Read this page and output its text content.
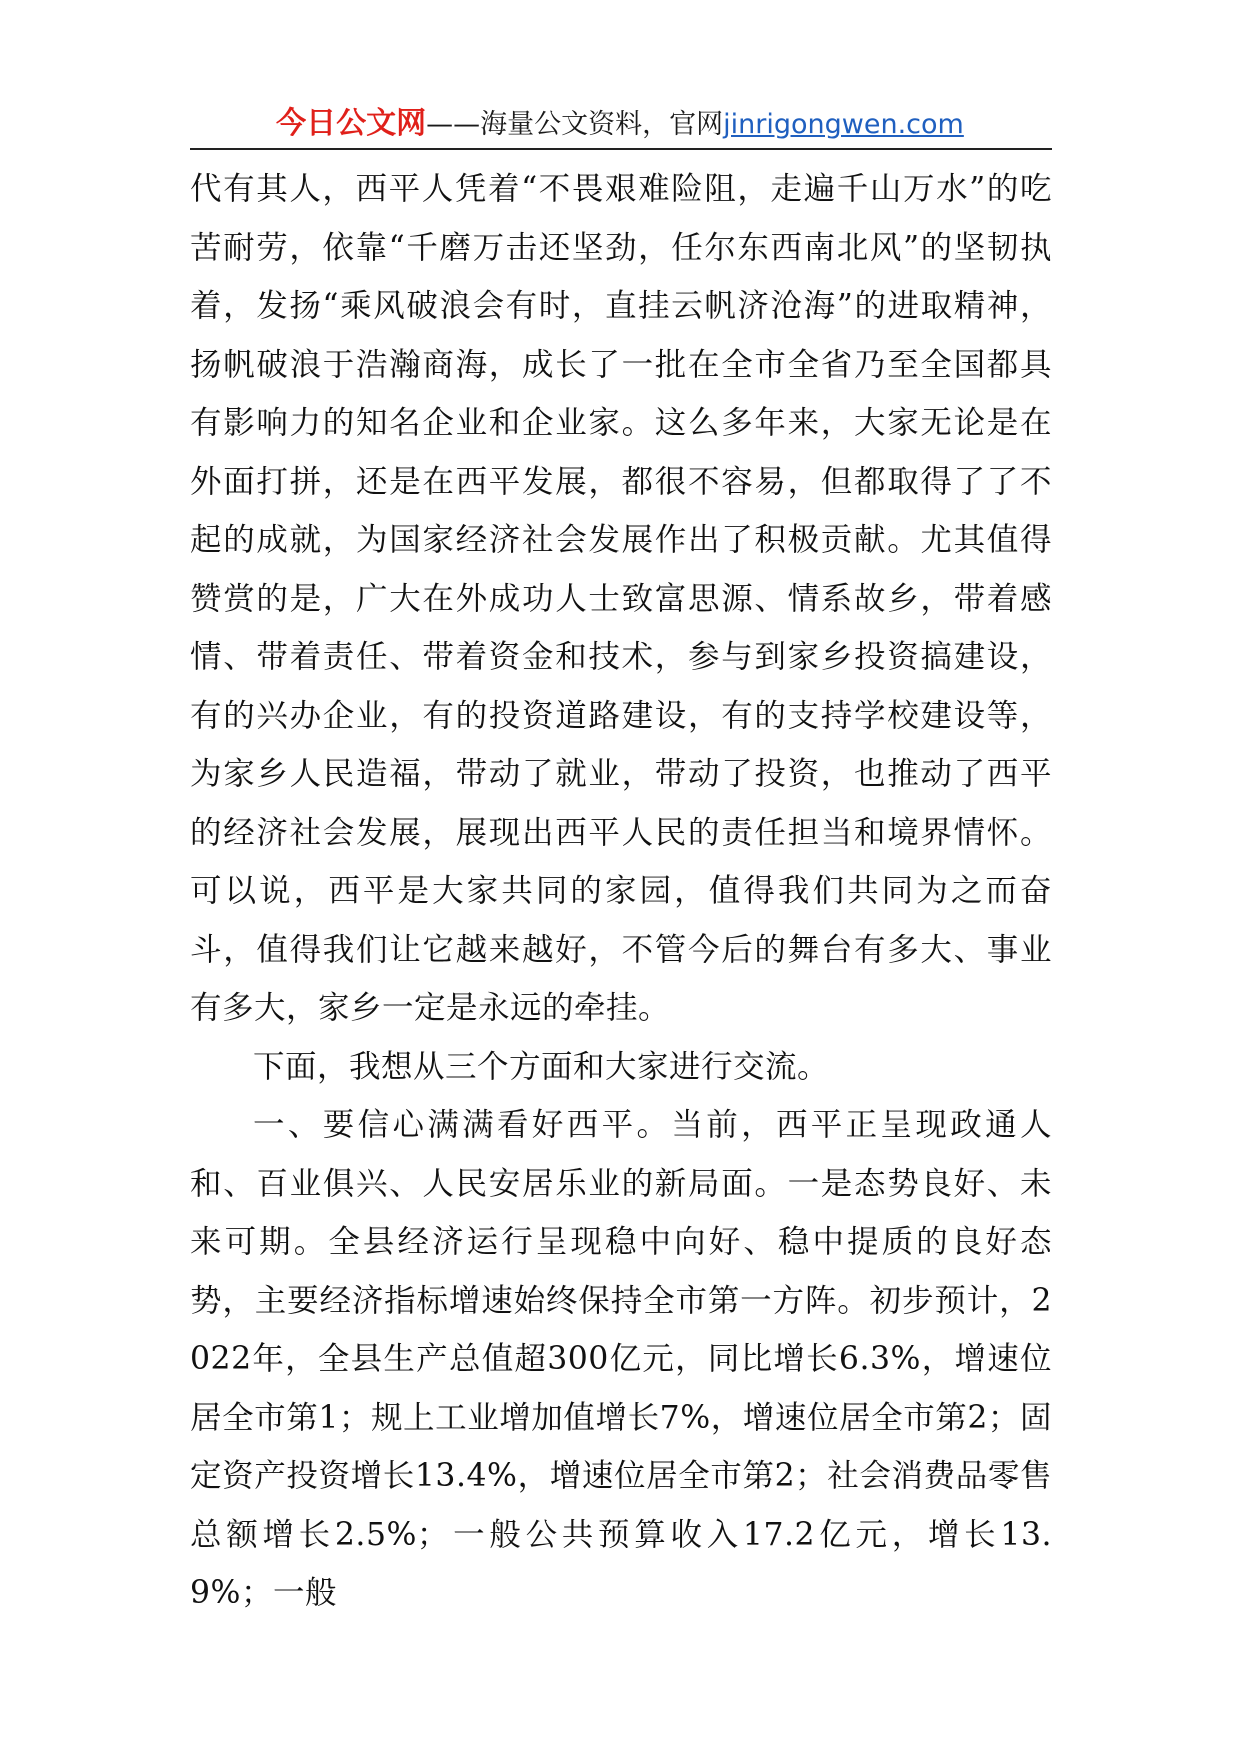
今日公文网——海量公文资料，官网jinrigongwen.com

代有其人，西平人凭着“不畏艰难险阻，走遍千山万水”的吃苦耐劳，依靠“千磨万击还坚劲，任尔东西南北风”的坚韧执着，发扬“乘风破浪会有时，直挂云帆济沧海”的进取精神，扬帆破浪于浩瀚商海，成长了一批在全市全省乃至全国都具有影响力的知名企业和企业家。这么多年来，大家无论是在外面打拼，还是在西平发展，都很不容易，但都取得了了不起的成就，为国家经济社会发展作出了积极贡献。尤其值得赞赏的是，广大在外成功人士致富思源、情系故乡，带着感情、带着责任、带着资金和技术，参与到家乡投资搞建设，有的兴办企业，有的投资道路建设，有的支持学校建设等，为家乡人民造福，带动了就业，带动了投资，也推动了西平的经济社会发展，展现出西平人民的责任担当和境界情怀。可以说，西平是大家共同的家园，值得我们共同为之而奋斗，值得我们让它越来越好，不管今后的舞台有多大、事业有多大，家乡一定是永远的牵挂。

下面，我想从三个方面和大家进行交流。

一、要信心满满看好西平。当前，西平正呈现政通人和、百业俱兴、人民安居乐业的新局面。一是态势良好、未来可期。全县经济运行呈现稳中向好、稳中提质的良好态势，主要经济指标增速始终保持全市第一方阵。初步预计，2022年，全县生产总值超300亿元，同比增长6.3%，增速位居全市第1；规上工业增加值增长7%，增速位居全市第2；固定资产投资增长13.4%，增速位居全市第2；社会消费品零售总额增长2.5%；一般公共预算收入17.2亿元，增长13.9%；一般
